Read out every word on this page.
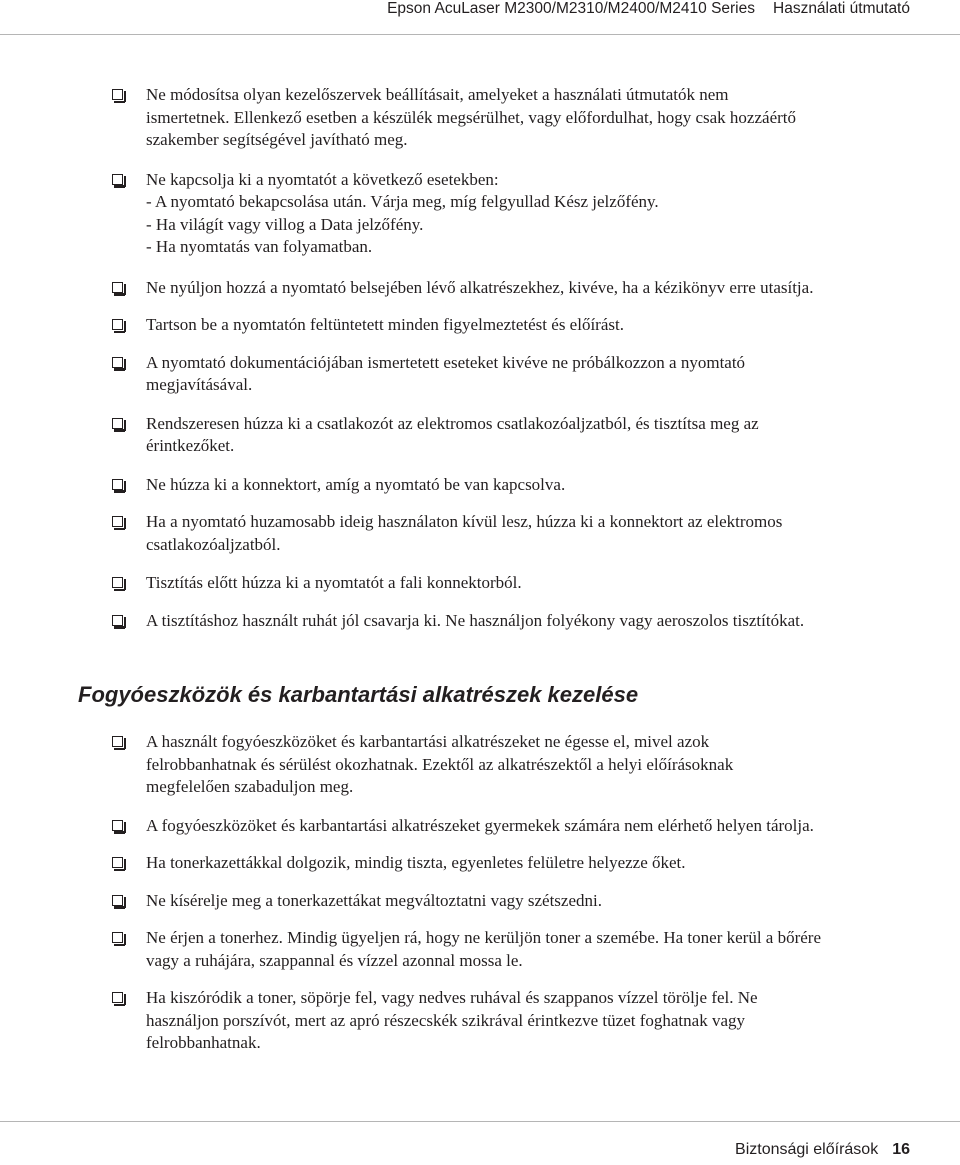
Epson AcuLaser M2300/M2310/M2400/M2410 Series Használati útmutató
Ne módosítsa olyan kezelőszervek beállításait, amelyeket a használati útmutatók nem
ismertetnek. Ellenkező esetben a készülék megsérülhet, vagy előfordulhat, hogy csak hozzáértő
szakember segítségével javítható meg.
Ne kapcsolja ki a nyomtatót a következő esetekben:
- A nyomtató bekapcsolása után. Várja meg, míg felgyullad Kész jelzőfény.
- Ha világít vagy villog a Data jelzőfény.
- Ha nyomtatás van folyamatban.
Ne nyúljon hozzá a nyomtató belsejében lévő alkatrészekhez, kivéve, ha a kézikönyv erre utasítja.
Tartson be a nyomtatón feltüntetett minden figyelmeztetést és előírást.
A nyomtató dokumentációjában ismertetett eseteket kivéve ne próbálkozzon a nyomtató
megjavításával.
Rendszeresen húzza ki a csatlakozót az elektromos csatlakozóaljzatból, és tisztítsa meg az
érintkezőket.
Ne húzza ki a konnektort, amíg a nyomtató be van kapcsolva.
Ha a nyomtató huzamosabb ideig használaton kívül lesz, húzza ki a konnektort az elektromos
csatlakozóaljzatból.
Tisztítás előtt húzza ki a nyomtatót a fali konnektorból.
A tisztításhoz használt ruhát jól csavarja ki. Ne használjon folyékony vagy aeroszolos tisztítókat.
Fogyóeszközök és karbantartási alkatrészek kezelése
A használt fogyóeszközöket és karbantartási alkatrészeket ne égesse el, mivel azok
felrobbanhatnak és sérülést okozhatnak. Ezektől az alkatrészektől a helyi előírásoknak
megfelelően szabaduljon meg.
A fogyóeszközöket és karbantartási alkatrészeket gyermekek számára nem elérhető helyen tárolja.
Ha tonerkazettákkal dolgozik, mindig tiszta, egyenletes felületre helyezze őket.
Ne kísérelje meg a tonerkazettákat megváltoztatni vagy szétszedni.
Ne érjen a tonerhez. Mindig ügyeljen rá, hogy ne kerüljön toner a szemébe. Ha toner kerül a bőrére
vagy a ruhájára, szappannal és vízzel azonnal mossa le.
Ha kiszóródik a toner, söpörje fel, vagy nedves ruhával és szappanos vízzel törölje fel. Ne
használjon porszívót, mert az apró részecskék szikrával érintkezve tüzet foghatnak vagy
felrobbanhatnak.
Biztonsági előírások 16
